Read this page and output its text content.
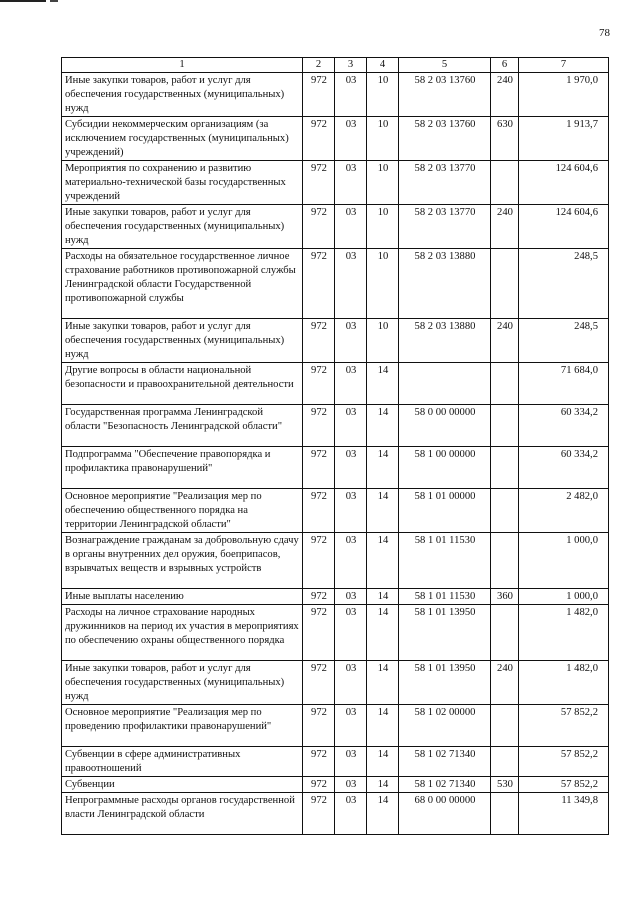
78
1	2	3	4	5	6	7
Иные закупки товаров, работ и услуг для обеспечения государственных (муниципальных) нужд	972	03	10	58 2 03 13760	240	1 970,0
Субсидии некоммерческим организациям (за исключением государственных (муниципальных) учреждений)	972	03	10	58 2 03 13760	630	1 913,7
Мероприятия по сохранению и развитию материально-технической базы государственных учреждений	972	03	10	58 2 03 13770		124 604,6
Иные закупки товаров, работ и услуг для обеспечения государственных (муниципальных) нужд	972	03	10	58 2 03 13770	240	124 604,6
Расходы на обязательное государственное личное страхование работников противопожарной службы Ленинградской области Государственной противопожарной службы	972	03	10	58 2 03 13880		248,5
Иные закупки товаров, работ и услуг для обеспечения государственных (муниципальных) нужд	972	03	10	58 2 03 13880	240	248,5
Другие вопросы в области национальной безопасности и правоохранительной деятельности	972	03	14			71 684,0
Государственная программа Ленинградской области "Безопасность Ленинградской области"	972	03	14	58 0 00 00000		60 334,2
Подпрограмма "Обеспечение правопорядка и профилактика правонарушений"	972	03	14	58 1 00 00000		60 334,2
Основное мероприятие "Реализация мер по обеспечению общественного порядка на территории Ленинградской области"	972	03	14	58 1 01 00000		2 482,0
Вознаграждение гражданам за добровольную сдачу в органы внутренних дел оружия, боеприпасов, взрывчатых веществ и взрывных устройств	972	03	14	58 1 01 11530		1 000,0
Иные выплаты населению	972	03	14	58 1 01 11530	360	1 000,0
Расходы на личное страхование народных дружинников на период их участия в мероприятиях по обеспечению охраны общественного порядка	972	03	14	58 1 01 13950		1 482,0
Иные закупки товаров, работ и услуг для обеспечения государственных (муниципальных) нужд	972	03	14	58 1 01 13950	240	1 482,0
Основное мероприятие "Реализация мер по проведению профилактики правонарушений"	972	03	14	58 1 02 00000		57 852,2
Субвенции в сфере административных правоотношений	972	03	14	58 1 02 71340		57 852,2
Субвенции	972	03	14	58 1 02 71340	530	57 852,2
Непрограммные расходы органов государственной власти Ленинградской области	972	03	14	68 0 00 00000		11 349,8
